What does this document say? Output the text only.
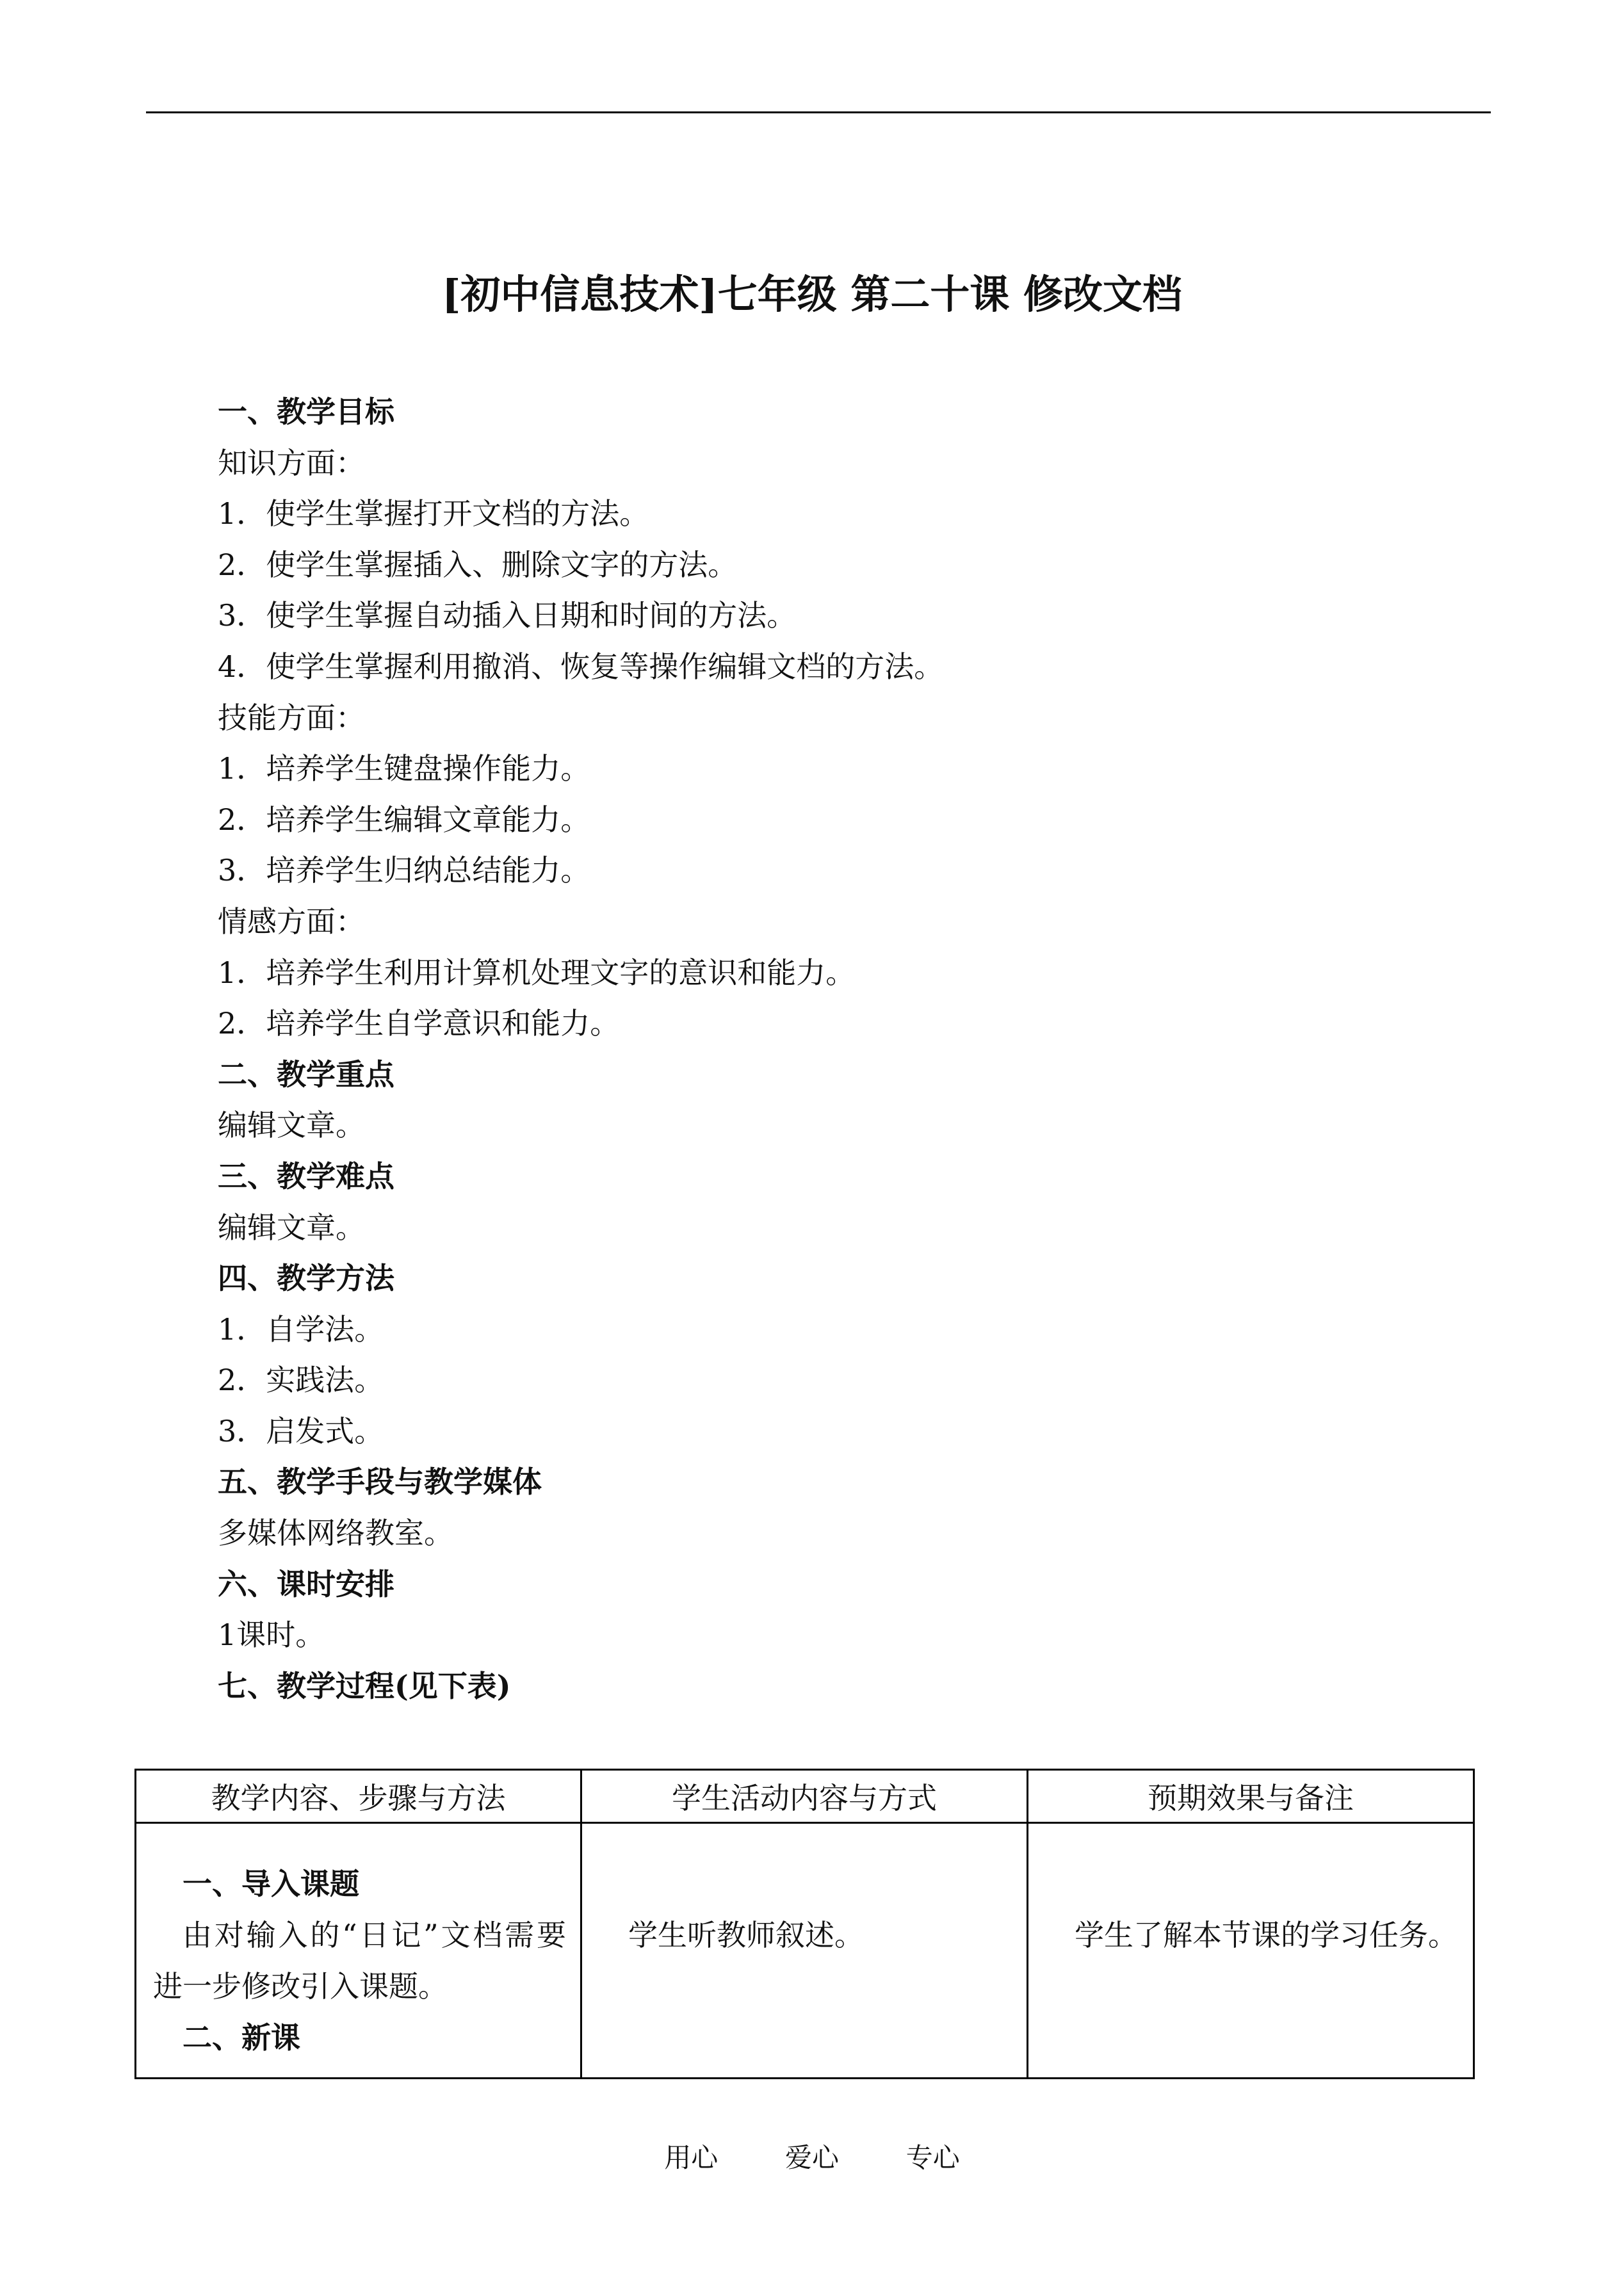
[初中信息技术]七年级 第二十课 修改文档
一、教学目标
知识方面：
1．使学生掌握打开文档的方法。
2．使学生掌握插入、删除文字的方法。
3．使学生掌握自动插入日期和时间的方法。
4．使学生掌握利用撤消、恢复等操作编辑文档的方法。
技能方面：
1．培养学生键盘操作能力。
2．培养学生编辑文章能力。
3．培养学生归纳总结能力。
情感方面：
1．培养学生利用计算机处理文字的意识和能力。
2．培养学生自学意识和能力。
二、教学重点
编辑文章。
三、教学难点
编辑文章。
四、教学方法
1．自学法。
2．实践法。
3．启发式。
五、教学手段与教学媒体
多媒体网络教室。
六、课时安排
1课时。
七、教学过程(见下表)
教学内容、步骤与方法	学生活动内容与方式	预期效果与备注

一、导入课题
由对输入的“日记”文档需要进一步修改引入课题。
二、新课	学生听教师叙述。	学生了解本节课的学习任务。
用心 爱心 专心
